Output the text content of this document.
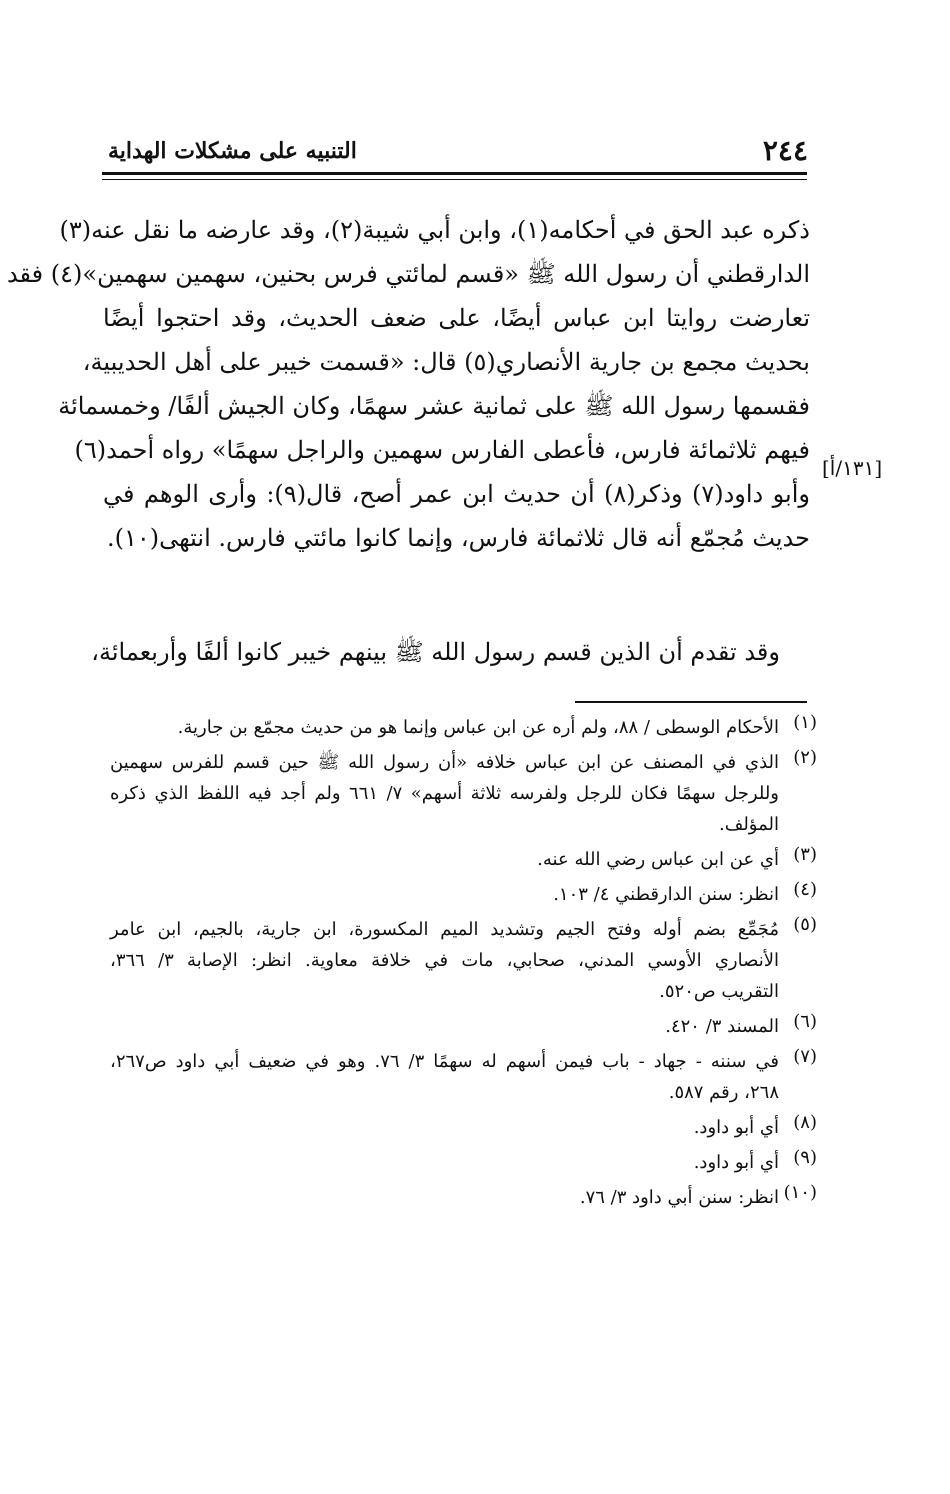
٢٤٤
التنبيه على مشكلات الهداية
ذكره عبد الحق في أحكامه(١)، وابن أبي شيبة(٢)، وقد عارضه ما نقل عنه(٣)
الدارقطني أن رسول الله ﷺ «قسم لمائتي فرس بحنين، سهمين سهمين»(٤) فقد
تعارضت روايتا ابن عباس أيضًا، على ضعف الحديث، وقد احتجوا أيضًا
بحديث مجمع بن جارية الأنصاري(٥) قال: «قسمت خيبر على أهل الحديبية،
فقسمها رسول الله ﷺ على ثمانية عشر سهمًا، وكان الجيش ألفًا/ وخمسمائة
فيهم ثلاثمائة فارس، فأعطى الفارس سهمين والراجل سهمًا» رواه أحمد(٦)
وأبو داود(٧) وذكر(٨) أن حديث ابن عمر أصح، قال(٩): وأرى الوهم في
حديث مُجمّع أنه قال ثلاثمائة فارس، وإنما كانوا مائتي فارس. انتهى(١٠).
[١٣١/أ]
وقد تقدم أن الذين قسم رسول الله ﷺ بينهم خيبر كانوا ألفًا وأربعمائة،
(١)
الأحكام الوسطى / ٨٨، ولم أره عن ابن عباس وإنما هو من حديث مجمّع بن جارية.
(٢)
الذي في المصنف عن ابن عباس خلافه «أن رسول الله ﷺ حين قسم للفرس سهمين
وللرجل سهمًا فكان للرجل ولفرسه ثلاثة أسهم» ٧/ ٦٦١ ولم أجد فيه اللفظ الذي ذكره
المؤلف.
(٣)
أي عن ابن عباس رضي الله عنه.
(٤)
انظر: سنن الدارقطني ٤/ ١٠٣.
(٥)
مُجَمِّع بضم أوله وفتح الجيم وتشديد الميم المكسورة، ابن جارية، بالجيم، ابن عامر
الأنصاري الأوسي المدني، صحابي، مات في خلافة معاوية. انظر: الإصابة ٣/ ٣٦٦،
التقريب ص٥٢٠.
(٦)
المسند ٣/ ٤٢٠.
(٧)
في سننه - جهاد - باب فيمن أسهم له سهمًا ٣/ ٧٦. وهو في ضعيف أبي داود ص٢٦٧،
٢٦٨، رقم ٥٨٧.
(٨)
أي أبو داود.
(٩)
أي أبو داود.
(١٠)
انظر: سنن أبي داود ٣/ ٧٦.
